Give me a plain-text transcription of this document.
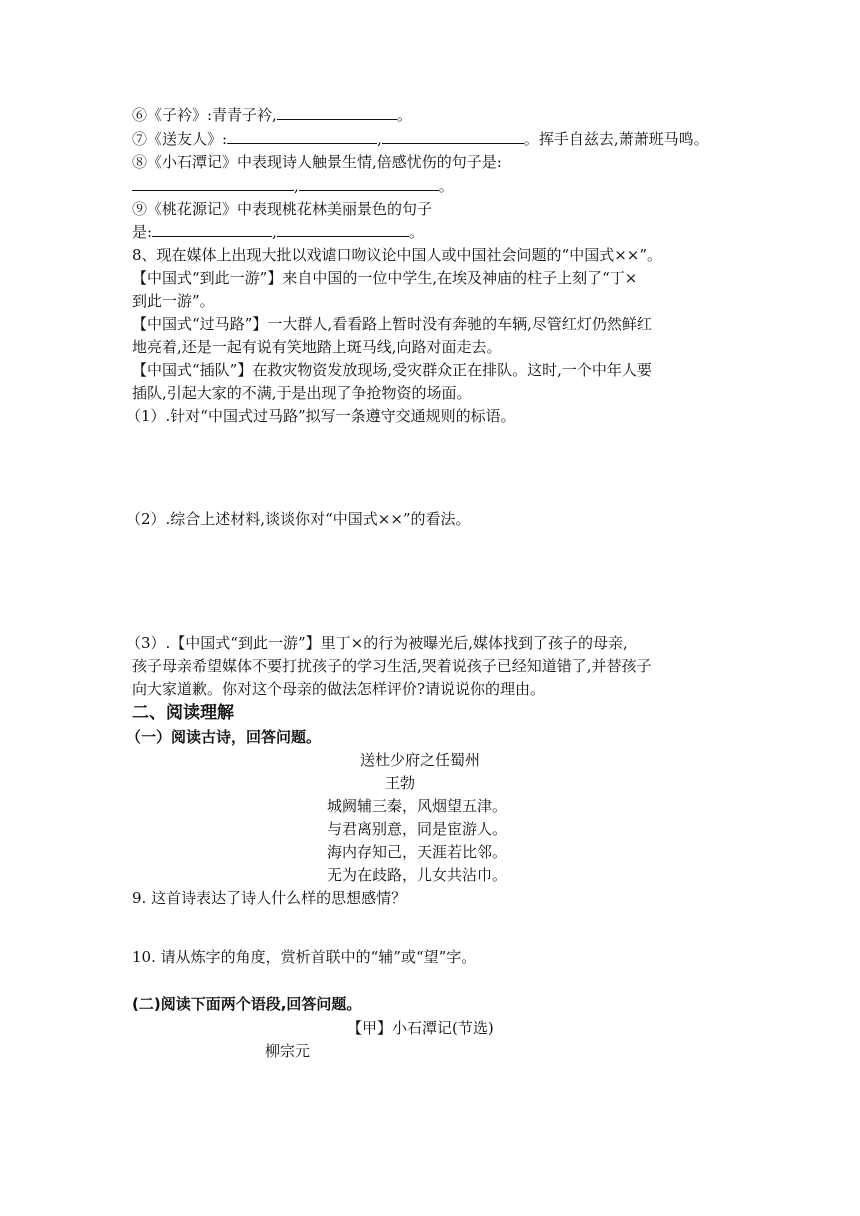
⑥《子衿》:青青子衿,	。
⑦《送友人》:	,	。挥手自兹去,萧萧班马鸣。
⑧《小石潭记》中表现诗人触景生情,倍感忧伤的句子是:
,	。
⑨《桃花源记》中表现桃花林美丽景色的句子
是:	,	。
8、现在媒体上出现大批以戏谑口吻议论中国人或中国社会问题的“中国式××”。
【中国式“到此一游”】来自中国的一位中学生,在埃及神庙的柱子上刻了“丁×
到此一游”。
【中国式“过马路”】一大群人,看看路上暂时没有奔驰的车辆,尽管红灯仍然鲜红
地亮着,还是一起有说有笑地踏上斑马线,向路对面走去。
【中国式“插队”】在救灾物资发放现场,受灾群众正在排队。这时,一个中年人要
插队,引起大家的不满,于是出现了争抢物资的场面。
（1）.针对“中国式过马路”拟写一条遵守交通规则的标语。
（2）.综合上述材料,谈谈你对“中国式××”的看法。
（3）.【中国式“到此一游”】里丁×的行为被曝光后,媒体找到了孩子的母亲,
孩子母亲希望媒体不要打扰孩子的学习生活,哭着说孩子已经知道错了,并替孩子
向大家道歉。你对这个母亲的做法怎样评价?请说说你的理由。
二、阅读理解
（一）阅读古诗，回答问题。
送杜少府之任蜀州
王勃
城阙辅三秦，风烟望五津。
与君离别意，同是宦游人。
海内存知己，天涯若比邻。
无为在歧路，儿女共沾巾。
9. 这首诗表达了诗人什么样的思想感情？
10. 请从炼字的角度，赏析首联中的“辅”或“望”字。
(二)阅读下面两个语段,回答问题。
【甲】小石潭记(节选)
柳宗元
